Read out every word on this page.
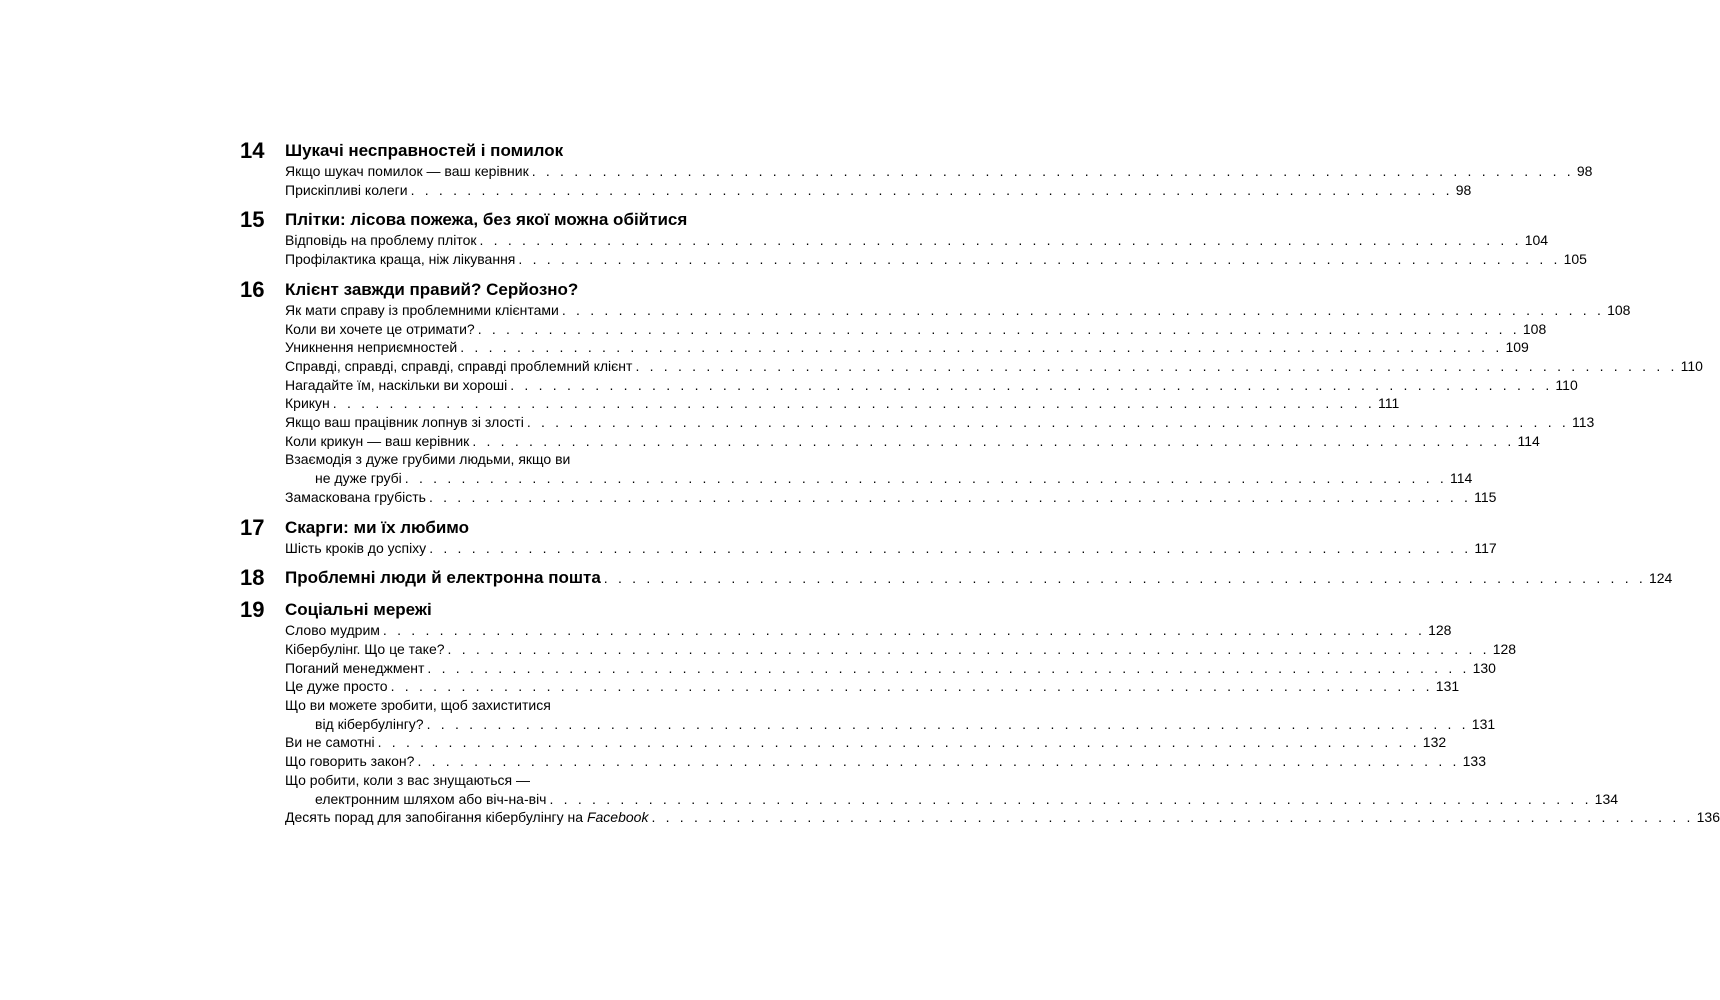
14	Шукачі несправностей і помилок
Якщо шукач помилок — ваш керівник . . .	98
Прискіпливі колеги . . .	98
15	Плітки: лісова пожежа, без якої можна обійтися
Відповідь на проблему пліток . . .	104
Профілактика краща, ніж лікування . . .	105
16	Клієнт завжди правий? Серйозно?
Як мати справу із проблемними клієнтами . . .	108
Коли ви хочете це отримати? . . .	108
Уникнення неприємностей . . .	109
Справді, справді, справді, справді проблемний клієнт . . .	110
Нагадайте їм, наскільки ви хороші . . .	110
Крикун . . .	111
Якщо ваш працівник лопнув зі злості . . .	113
Коли крикун — ваш керівник . . .	114
Взаємодія з дуже грубими людьми, якщо ви
не дуже грубі . . .	114
Замаскована грубість . . .	115
17	Скарги: ми їх любимо
Шість кроків до успіху . . .	117
18	Проблемні люди й електронна пошта . . .	124
19	Соціальні мережі
Слово мудрим . . .	128
Кібербулінг. Що це таке? . . .	128
Поганий менеджмент . . .	130
Це дуже просто . . .	131
Що ви можете зробити, щоб захиститися
від кібербулінгу? . . .	131
Ви не самотні . . .	132
Що говорить закон? . . .	133
Що робити, коли з вас знущаються —
електронним шляхом або віч-на-віч . . .	134
Десять порад для запобігання кібербулінгу на Facebook . . .	136
